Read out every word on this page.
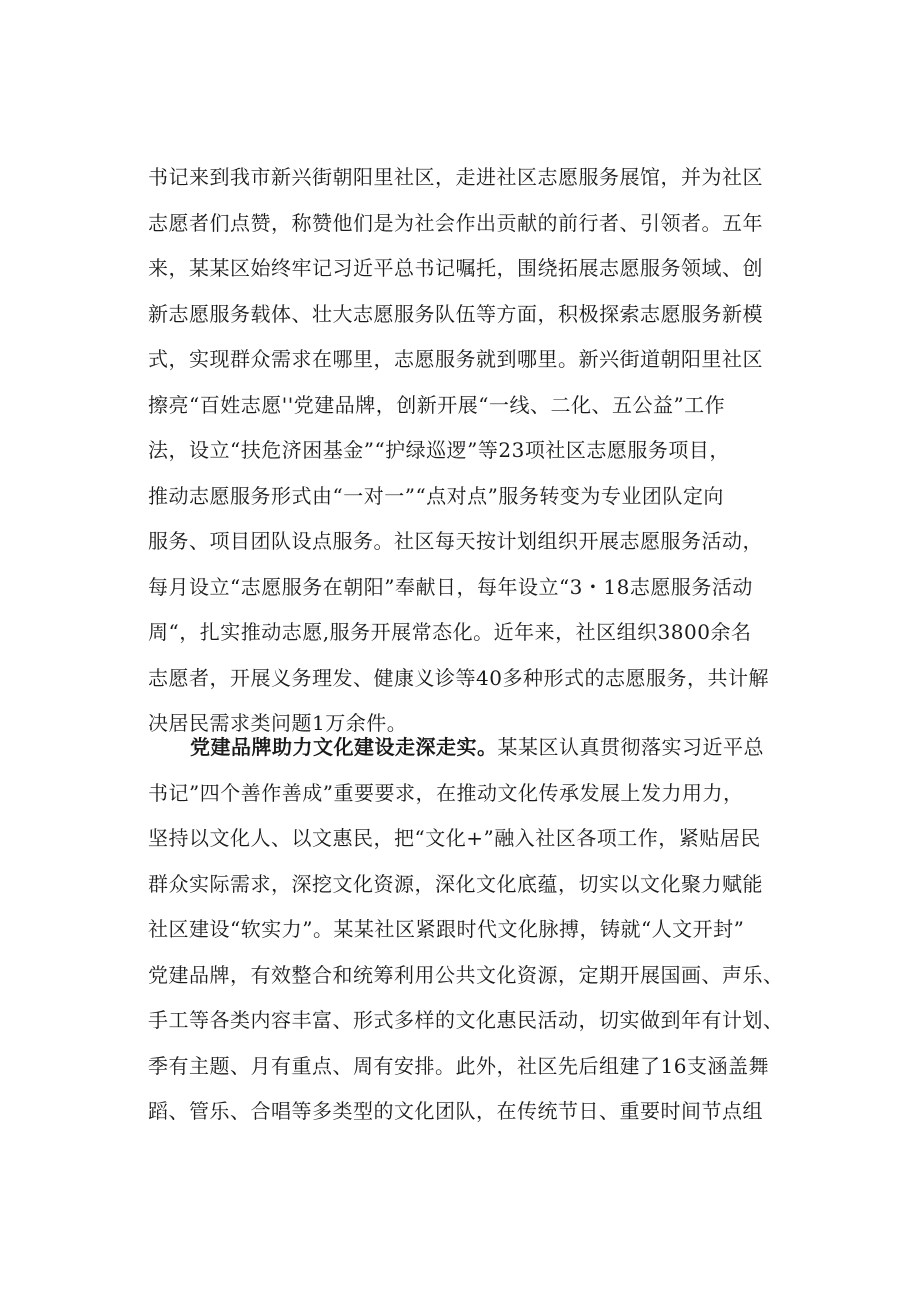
书记来到我市新兴街朝阳里社区，走进社区志愿服务展馆，并为社区
志愿者们点赞，称赞他们是为社会作出贡献的前行者、引领者。五年
来，某某区始终牢记习近平总书记嘱托，围绕拓展志愿服务领域、创
新志愿服务载体、壮大志愿服务队伍等方面，积极探索志愿服务新模
式，实现群众需求在哪里，志愿服务就到哪里。新兴街道朝阳里社区
擦亮“百姓志愿''党建品牌，创新开展“一线、二化、五公益”工作
法，设立“扶危济困基金”“护绿巡逻”等23项社区志愿服务项目，
推动志愿服务形式由“一对一”“点对点”服务转变为专业团队定向
服务、项目团队设点服务。社区每天按计划组织开展志愿服务活动，
每月设立“志愿服务在朝阳”奉献日，每年设立“3・18志愿服务活动
周“，扎实推动志愿,服务开展常态化。近年来，社区组织3800余名
志愿者，开展义务理发、健康义诊等40多种形式的志愿服务，共计解
决居民需求类问题1万余件。
党建品牌助力文化建设走深走实。某某区认真贯彻落实习近平总
书记”四个善作善成”重要要求，在推动文化传承发展上发力用力，
坚持以文化人、以文惠民，把“文化+”融入社区各项工作，紧贴居民
群众实际需求，深挖文化资源，深化文化底蕴，切实以文化聚力赋能
社区建设“软实力”。某某社区紧跟时代文化脉搏，铸就“人文开封”
党建品牌，有效整合和统筹利用公共文化资源，定期开展国画、声乐、
手工等各类内容丰富、形式多样的文化惠民活动，切实做到年有计划、
季有主题、月有重点、周有安排。此外，社区先后组建了16支涵盖舞
蹈、管乐、合唱等多类型的文化团队，在传统节日、重要时间节点组
